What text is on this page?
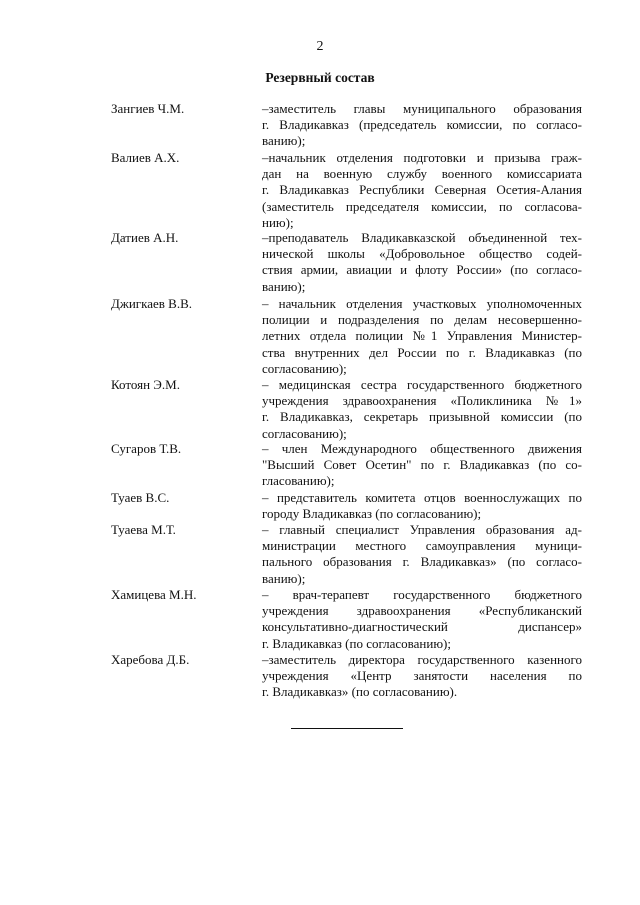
2
Резервный состав
Зангиев Ч.М.	–заместитель главы муниципального образования
г. Владикавказ (председатель комиссии, по согласо-
ванию);
Валиев А.Х.	–начальник отделения подготовки и призыва граж-
дан на военную службу военного комиссариата
г. Владикавказ Республики Северная Осетия-Алания
(заместитель председателя комиссии, по согласова-
нию);
Датиев А.Н.	–преподаватель Владикавказской объединенной тех-
нической школы «Добровольное общество содей-
ствия армии, авиации и флоту России» (по согласо-
ванию);
Джигкаев В.В.	– начальник отделения участковых уполномоченных
полиции и подразделения по делам несовершенно-
летних отдела полиции №1 Управления Министер-
ства внутренних дел России по г. Владикавказ (по
согласованию);
Котоян Э.М.	– медицинская сестра государственного бюджетного
учреждения здравоохранения «Поликлиника №1»
г. Владикавказ, секретарь призывной комиссии (по
согласованию);
Сугаров Т.В.	– член Международного общественного движения
"Высший Совет Осетин" по г. Владикавказ (по со-
гласованию);
Туаев В.С.	– представитель комитета отцов военнослужащих по
городу Владикавказ (по согласованию);
Туаева М.Т.	– главный специалист Управления образования ад-
министрации местного самоуправления муници-
пального образования г. Владикавказ» (по согласо-
ванию);
Хамицева М.Н.	– врач-терапевт государственного бюджетного
учреждения здравоохранения «Республиканский
консультативно-диагностический диспансер»
г. Владикавказ (по согласованию);
Харебова Д.Б.	–заместитель директора государственного казенного
учреждения «Центр занятости населения по
г. Владикавказ» (по согласованию).
